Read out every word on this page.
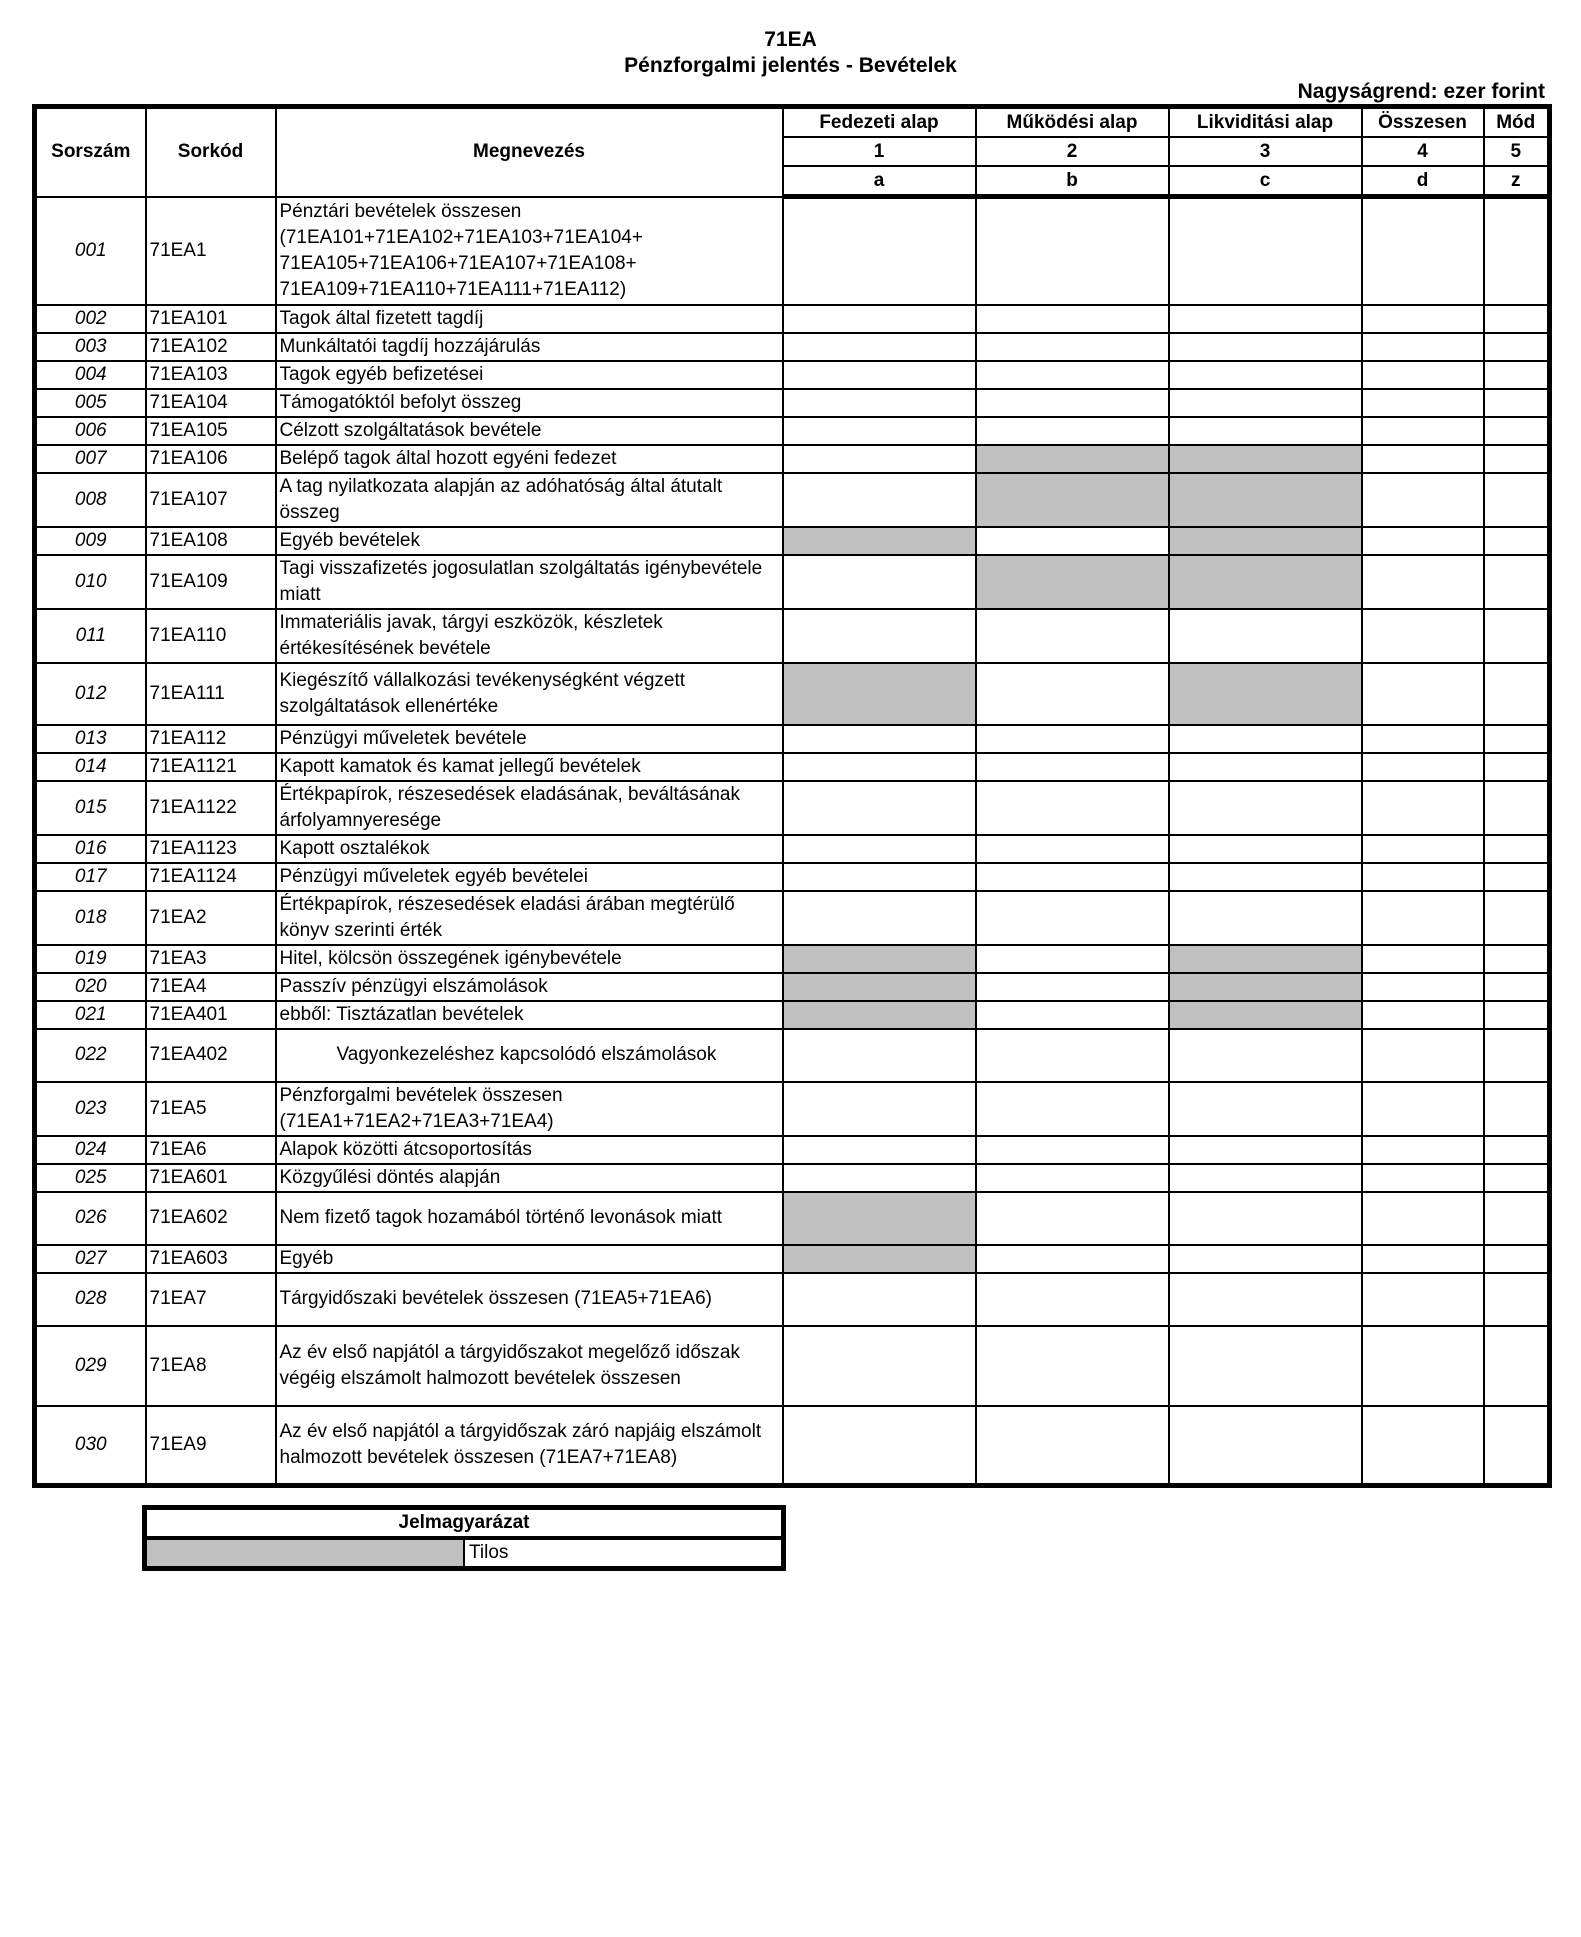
71EA
Pénzforgalmi jelentés - Bevételek
Nagyságrend: ezer forint
Sorszám	Sorkód	Megnevezés	Fedezeti alap	Működési alap	Likviditási alap	Összesen	Mód
			1	2	3	4	5
			a	b	c	d	z
001	71EA1	Pénztári bevételek összesen (71EA101+71EA102+71EA103+71EA104+ 71EA105+71EA106+71EA107+71EA108+ 71EA109+71EA110+71EA111+71EA112)					
002	71EA101	Tagok által fizetett tagdíj					
003	71EA102	Munkáltatói tagdíj hozzájárulás					
004	71EA103	Tagok egyéb befizetései					
005	71EA104	Támogatóktól befolyt összeg					
006	71EA105	Célzott szolgáltatások bevétele					
007	71EA106	Belépő tagok által hozott egyéni fedezet					
008	71EA107	A tag nyilatkozata alapján az adóhatóság által átutalt összeg					
009	71EA108	Egyéb bevételek					
010	71EA109	Tagi visszafizetés jogosulatlan szolgáltatás igénybevétele miatt					
011	71EA110	Immateriális javak, tárgyi eszközök, készletek értékesítésének bevétele					
012	71EA111	Kiegészítő vállalkozási tevékenységként végzett szolgáltatások ellenértéke					
013	71EA112	Pénzügyi műveletek bevétele					
014	71EA1121	Kapott kamatok és kamat jellegű bevételek					
015	71EA1122	Értékpapírok, részesedések eladásának, beváltásának árfolyamnyeresége					
016	71EA1123	Kapott osztalékok					
017	71EA1124	Pénzügyi műveletek egyéb bevételei					
018	71EA2	Értékpapírok, részesedések eladási árában megtérülő könyv szerinti érték					
019	71EA3	Hitel, kölcsön összegének igénybevétele					
020	71EA4	Passzív pénzügyi elszámolások					
021	71EA401	ebből: Tisztázatlan bevételek					
022	71EA402	Vagyonkezeléshez kapcsolódó elszámolások					
023	71EA5	Pénzforgalmi bevételek összesen (71EA1+71EA2+71EA3+71EA4)					
024	71EA6	Alapok közötti átcsoportosítás					
025	71EA601	Közgyűlési döntés alapján					
026	71EA602	Nem fizető tagok hozamából történő levonások miatt					
027	71EA603	Egyéb					
028	71EA7	Tárgyidőszaki bevételek összesen (71EA5+71EA6)					
029	71EA8	Az év első napjától a tárgyidőszakot megelőző időszak végéig elszámolt halmozott bevételek összesen					
030	71EA9	Az év első napjától a tárgyidőszak záró napjáig elszámolt halmozott bevételek összesen (71EA7+71EA8)					
Jelmagyarázat
	Tilos
